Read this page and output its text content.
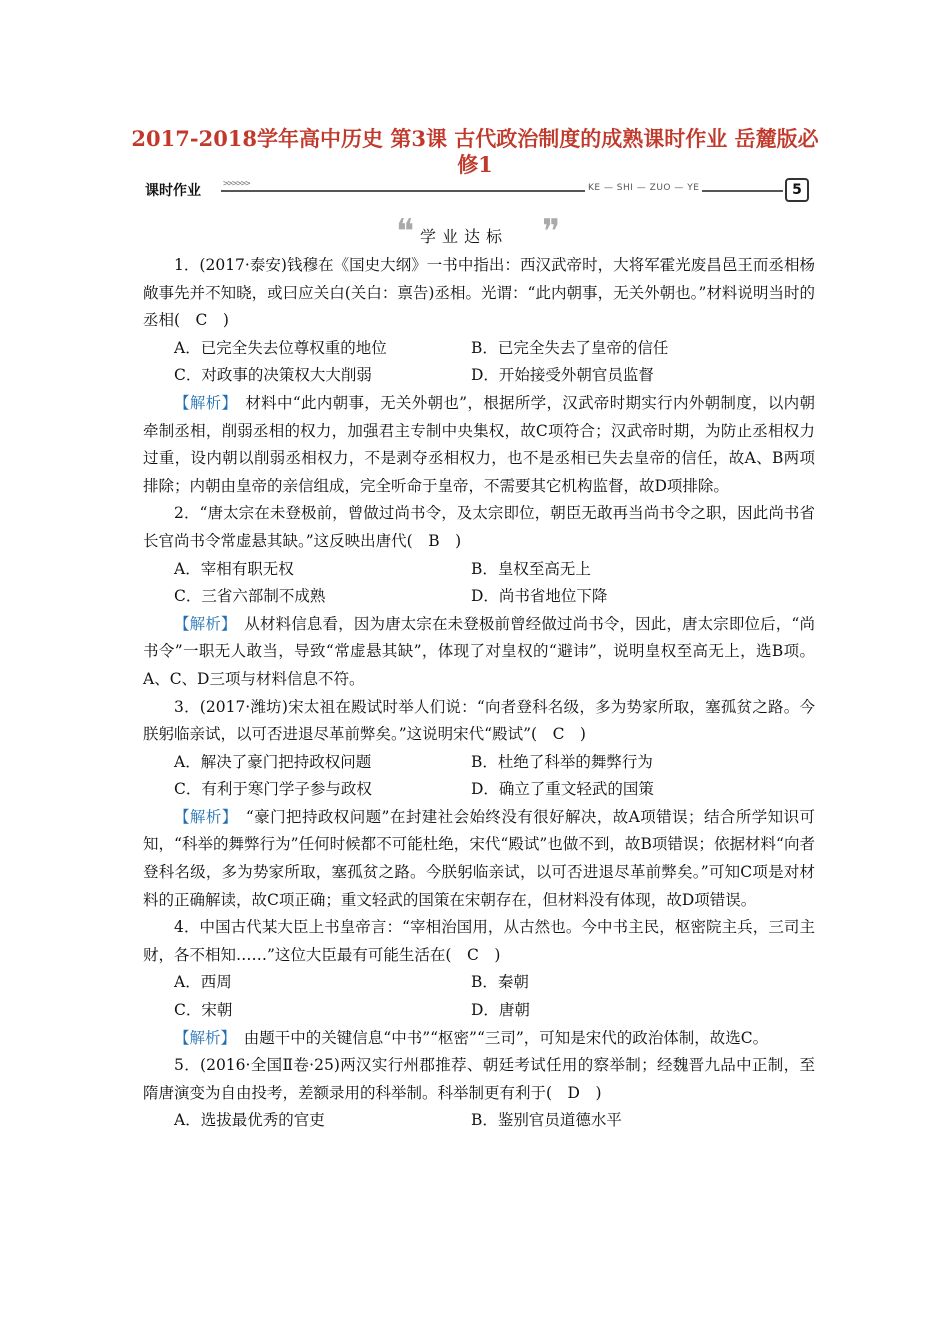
2017-2018学年高中历史 第3课 古代政治制度的成熟课时作业 岳麓版必修1
课时作业 >>>>>>	KE — SHI — ZUO — YE	5
❝ 学业达标 ❞

1．(2017·泰安)钱穆在《国史大纲》一书中指出：西汉武帝时，大将军霍光废昌邑王而丞相杨敞事先并不知晓，或曰应关白(关白：禀告)丞相。光谓：“此内朝事，无关外朝也。”材料说明当时的丞相(　C　)

A．已完全失去位尊权重的地位	B．已完全失去了皇帝的信任
C．对政事的决策权大大削弱	D．开始接受外朝官员监督

【解析】　材料中“此内朝事，无关外朝也”，根据所学，汉武帝时期实行内外朝制度，以内朝牵制丞相，削弱丞相的权力，加强君主专制中央集权，故C项符合；汉武帝时期，为防止丞相权力过重，设内朝以削弱丞相权力，不是剥夺丞相权力，也不是丞相已失去皇帝的信任，故A、B两项排除；内朝由皇帝的亲信组成，完全听命于皇帝，不需要其它机构监督，故D项排除。

2．“唐太宗在未登极前，曾做过尚书令，及太宗即位，朝臣无敢再当尚书令之职，因此尚书省长官尚书令常虚悬其缺。”这反映出唐代(　B　)

A．宰相有职无权	B．皇权至高无上
C．三省六部制不成熟	D．尚书省地位下降

【解析】　从材料信息看，因为唐太宗在未登极前曾经做过尚书令，因此，唐太宗即位后，“尚书令”一职无人敢当，导致“常虚悬其缺”，体现了对皇权的“避讳”，说明皇权至高无上，选B项。A、C、D三项与材料信息不符。

3．(2017·潍坊)宋太祖在殿试时举人们说：“向者登科名级，多为势家所取，塞孤贫之路。今朕躬临亲试，以可否进退尽革前弊矣。”这说明宋代“殿试”(　C　)

A．解决了豪门把持政权问题	B．杜绝了科举的舞弊行为
C．有利于寒门学子参与政权	D．确立了重文轻武的国策

【解析】　“豪门把持政权问题”在封建社会始终没有很好解决，故A项错误；结合所学知识可知，“科举的舞弊行为”任何时候都不可能杜绝，宋代“殿试”也做不到，故B项错误；依据材料“向者登科名级，多为势家所取，塞孤贫之路。今朕躬临亲试，以可否进退尽革前弊矣。”可知C项是对材料的正确解读，故C项正确；重文轻武的国策在宋朝存在，但材料没有体现，故D项错误。

4．中国古代某大臣上书皇帝言：“宰相治国用，从古然也。今中书主民，枢密院主兵，三司主财，各不相知……”这位大臣最有可能生活在(　C　)

A．西周	B．秦朝
C．宋朝	D．唐朝

【解析】　由题干中的关键信息“中书”“枢密”“三司”，可知是宋代的政治体制，故选C。

5．(2016·全国Ⅱ卷·25)两汉实行州郡推荐、朝廷考试任用的察举制；经魏晋九品中正制，至隋唐演变为自由投考，差额录用的科举制。科举制更有利于(　D　)

A．选拔最优秀的官吏	B．鉴别官员道德水平
